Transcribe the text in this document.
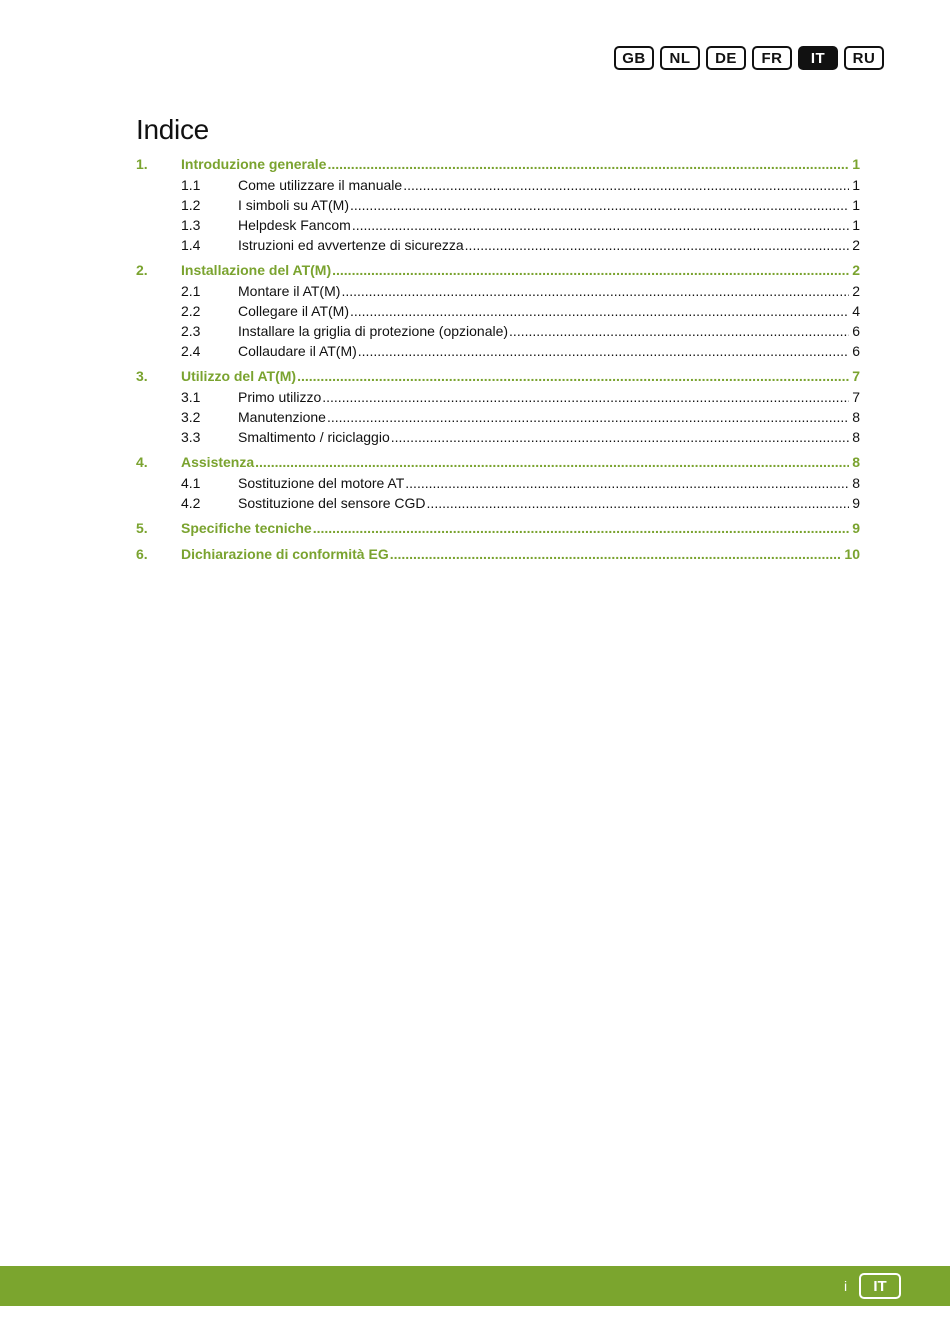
GB	NL	DE	FR	IT	RU
Indice
1.	Introduzione generale .....	1
1.1	Come utilizzare il manuale .....	1
1.2	I simboli su AT(M) .....	1
1.3	Helpdesk Fancom .....	1
1.4	Istruzioni ed avvertenze di sicurezza .....	2
2.	Installazione del AT(M) .....	2
2.1	Montare il AT(M) .....	2
2.2	Collegare il AT(M) .....	4
2.3	Installare la griglia di protezione (opzionale) .....	6
2.4	Collaudare il AT(M) .....	6
3.	Utilizzo del AT(M) .....	7
3.1	Primo utilizzo .....	7
3.2	Manutenzione .....	8
3.3	Smaltimento / riciclaggio .....	8
4.	Assistenza .....	8
4.1	Sostituzione del motore AT .....	8
4.2	Sostituzione del sensore CGD .....	9
5.	Specifiche tecniche .....	9
6.	Dichiarazione di conformità EG .....	10
i	IT
